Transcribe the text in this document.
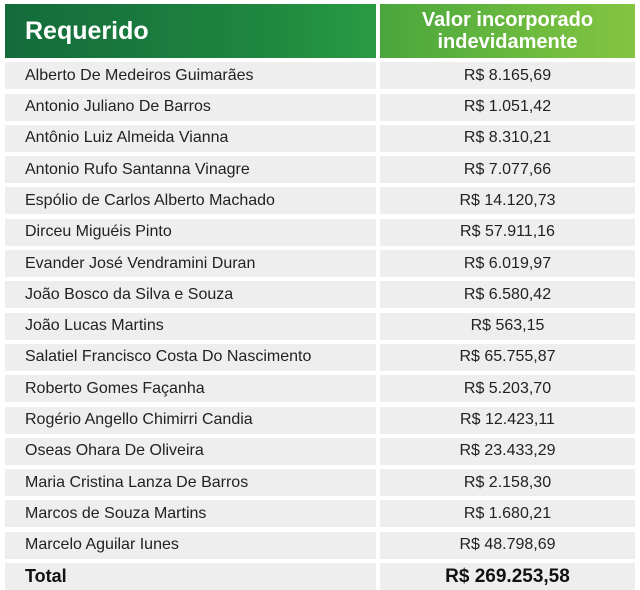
Requerido	Valor incorporado
indevidamente
Alberto De Medeiros Guimarães	R$ 8.165,69
Antonio Juliano De Barros	R$ 1.051,42
Antônio Luiz Almeida Vianna	R$ 8.310,21
Antonio Rufo Santanna Vinagre	R$ 7.077,66
Espólio de Carlos Alberto Machado	R$ 14.120,73
Dirceu Miguéis Pinto	R$ 57.911,16
Evander José Vendramini Duran	R$ 6.019,97
João Bosco da Silva e Souza	R$ 6.580,42
João Lucas Martins	R$ 563,15
Salatiel Francisco Costa Do Nascimento	R$ 65.755,87
Roberto Gomes Façanha	R$ 5.203,70
Rogério Angello Chimirri Candia	R$ 12.423,11
Oseas Ohara De Oliveira	R$ 23.433,29
Maria Cristina Lanza De Barros	R$ 2.158,30
Marcos de Souza Martins	R$ 1.680,21
Marcelo Aguilar Iunes	R$ 48.798,69
Total	R$ 269.253,58
